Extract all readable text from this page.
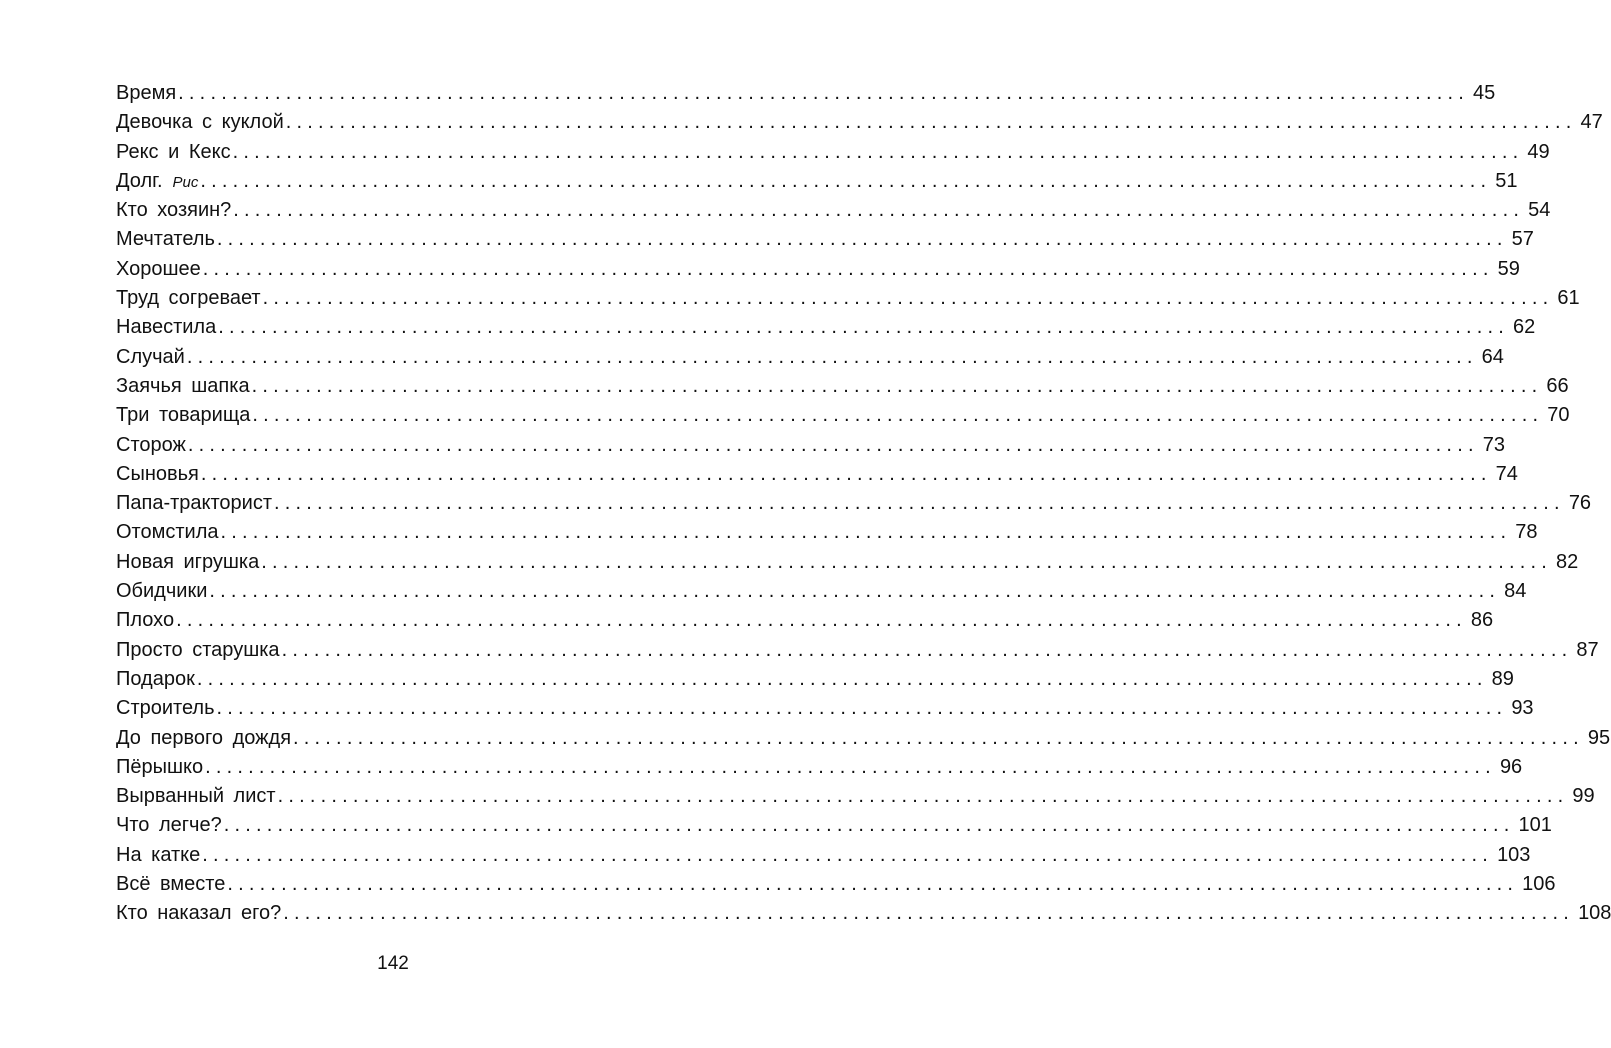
Время ........................................................................................................................ 45
Девочка с куклой ........................................................................................................................ 47
Рекс и Кекс ........................................................................................................................ 49
Долг. Рис ........................................................................................................................ 51
Кто хозяин? ........................................................................................................................ 54
Мечтатель ........................................................................................................................ 57
Хорошее ........................................................................................................................ 59
Труд согревает ........................................................................................................................ 61
Навестила ........................................................................................................................ 62
Случай ........................................................................................................................ 64
Заячья шапка ........................................................................................................................ 66
Три товарища ........................................................................................................................ 70
Сторож ........................................................................................................................ 73
Сыновья ........................................................................................................................ 74
Папа-тракторист ........................................................................................................................ 76
Отомстила ........................................................................................................................ 78
Новая игрушка ........................................................................................................................ 82
Обидчики ........................................................................................................................ 84
Плохо ........................................................................................................................ 86
Просто старушка ........................................................................................................................ 87
Подарок ........................................................................................................................ 89
Строитель ........................................................................................................................ 93
До первого дождя ........................................................................................................................ 95
Пёрышко ........................................................................................................................ 96
Вырванный лист ........................................................................................................................ 99
Что легче? ........................................................................................................................ 101
На катке ........................................................................................................................ 103
Всё вместе ........................................................................................................................ 106
Кто наказал его? ........................................................................................................................ 108
142
